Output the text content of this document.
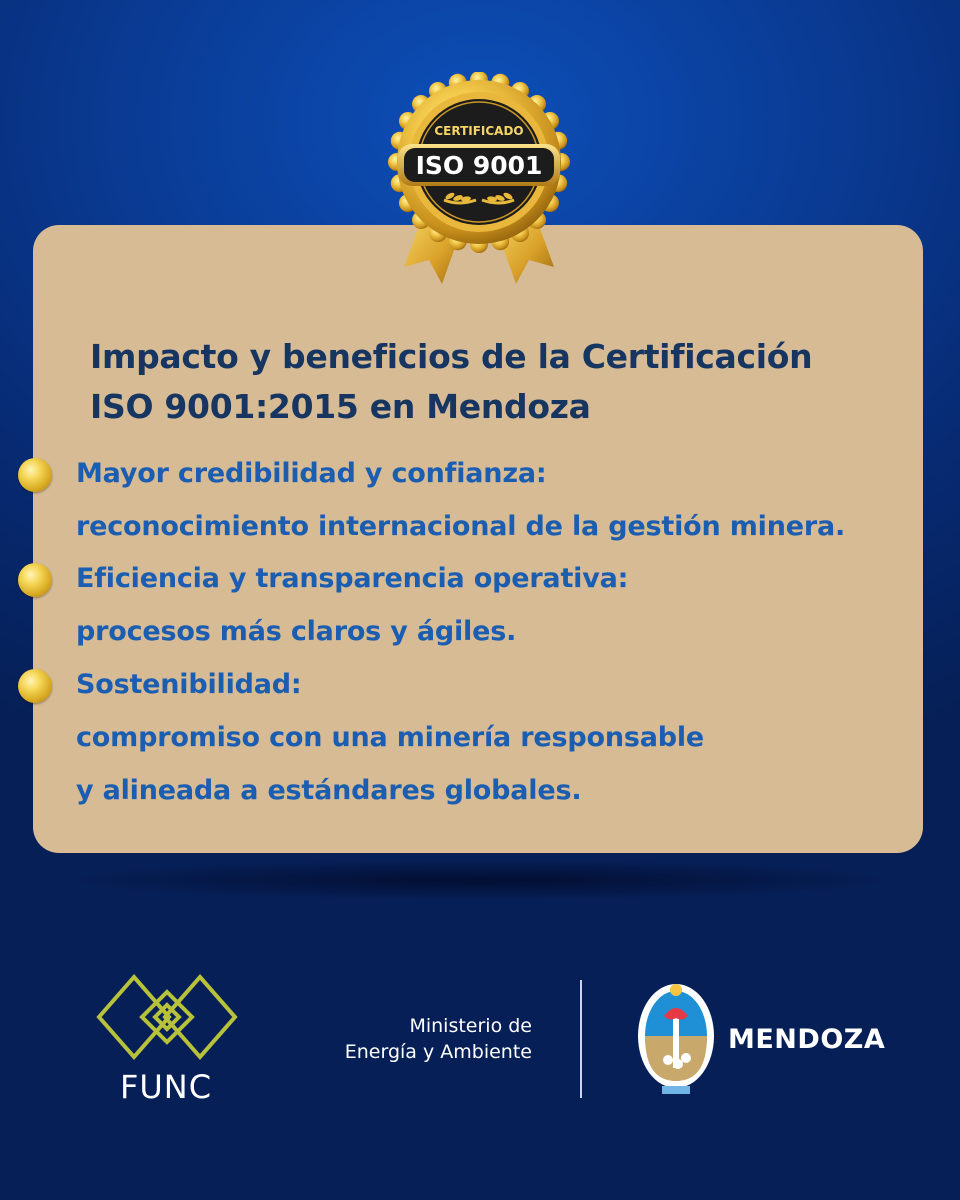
CERTIFICADO
ISO 9001
Impacto y beneficios de la Certificación
ISO 9001:2015 en Mendoza
Mayor credibilidad y confianza:
reconocimiento internacional de la gestión minera.
Eficiencia y transparencia operativa:
procesos más claros y ágiles.
Sostenibilidad:
compromiso con una minería responsable
y alineada a estándares globales.
FUNC
Ministerio de
Energía y Ambiente	MENDOZA
